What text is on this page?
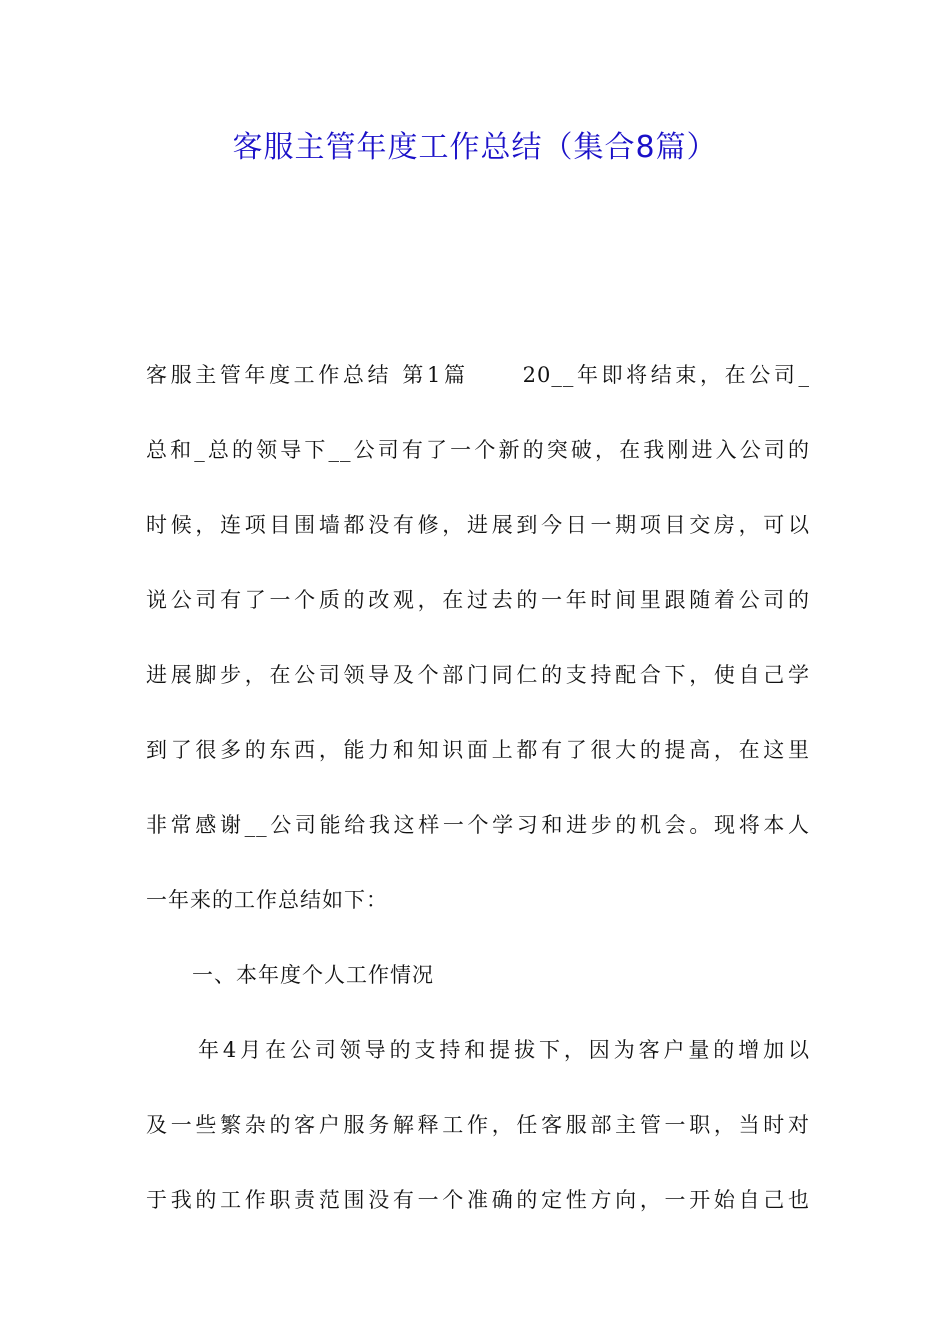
客服主管年度工作总结（集合8篇）
客服主管年度工作总结 第1篇	20__年即将结束，在公司_
总和_总的领导下__公司有了一个新的突破，在我刚进入公司的
时候，连项目围墙都没有修，进展到今日一期项目交房，可以
说公司有了一个质的改观，在过去的一年时间里跟随着公司的
进展脚步，在公司领导及个部门同仁的支持配合下，使自己学
到了很多的东西，能力和知识面上都有了很大的提高，在这里
非常感谢__公司能给我这样一个学习和进步的机会。现将本人
一年来的工作总结如下：
一、本年度个人工作情况
年4月在公司领导的支持和提拔下，因为客户量的增加以
及一些繁杂的客户服务解释工作，任客服部主管一职，当时对
于我的工作职责范围没有一个准确的定性方向，一开始自己也
